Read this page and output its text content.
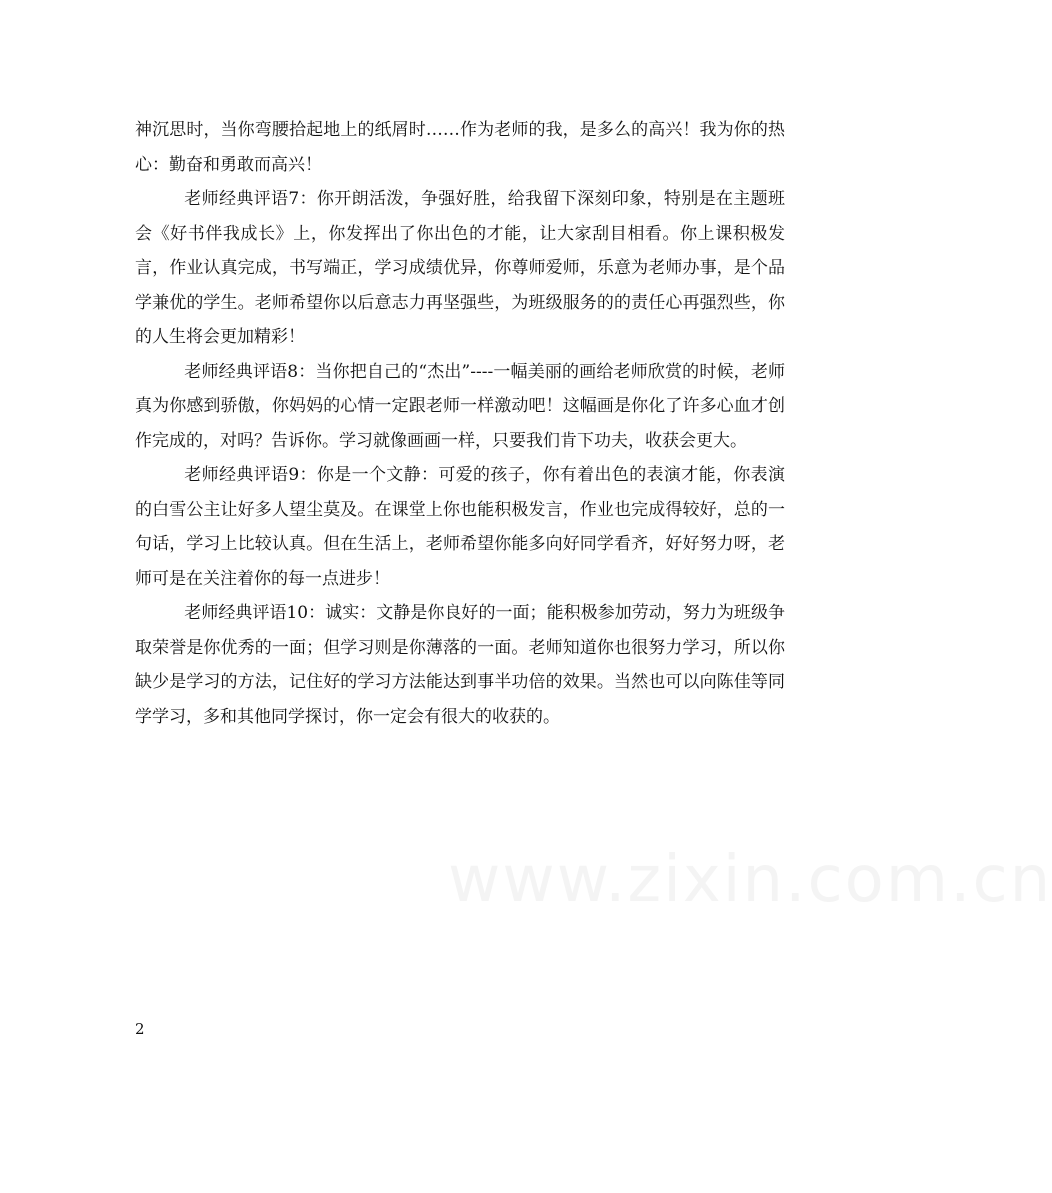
神沉思时，当你弯腰拾起地上的纸屑时……作为老师的我，是多么的高兴！我为你的热心：勤奋和勇敢而高兴！

老师经典评语7：你开朗活泼，争强好胜，给我留下深刻印象，特别是在主题班会《好书伴我成长》上，你发挥出了你出色的才能，让大家刮目相看。你上课积极发言，作业认真完成，书写端正，学习成绩优异，你尊师爱师，乐意为老师办事，是个品学兼优的学生。老师希望你以后意志力再坚强些，为班级服务的的责任心再强烈些，你的人生将会更加精彩！

老师经典评语8：当你把自己的“杰出”----一幅美丽的画给老师欣赏的时候，老师真为你感到骄傲，你妈妈的心情一定跟老师一样激动吧！这幅画是你化了许多心血才创作完成的，对吗？告诉你。学习就像画画一样，只要我们肯下功夫，收获会更大。

老师经典评语9：你是一个文静：可爱的孩子，你有着出色的表演才能，你表演的白雪公主让好多人望尘莫及。在课堂上你也能积极发言，作业也完成得较好，总的一句话，学习上比较认真。但在生活上，老师希望你能多向好同学看齐，好好努力呀，老师可是在关注着你的每一点进步！

老师经典评语10：诚实：文静是你良好的一面；能积极参加劳动，努力为班级争取荣誉是你优秀的一面；但学习则是你薄落的一面。老师知道你也很努力学习，所以你缺少是学习的方法，记住好的学习方法能达到事半功倍的效果。当然也可以向陈佳等同学学习，多和其他同学探讨，你一定会有很大的收获的。

www.zixin.com.cn
2
